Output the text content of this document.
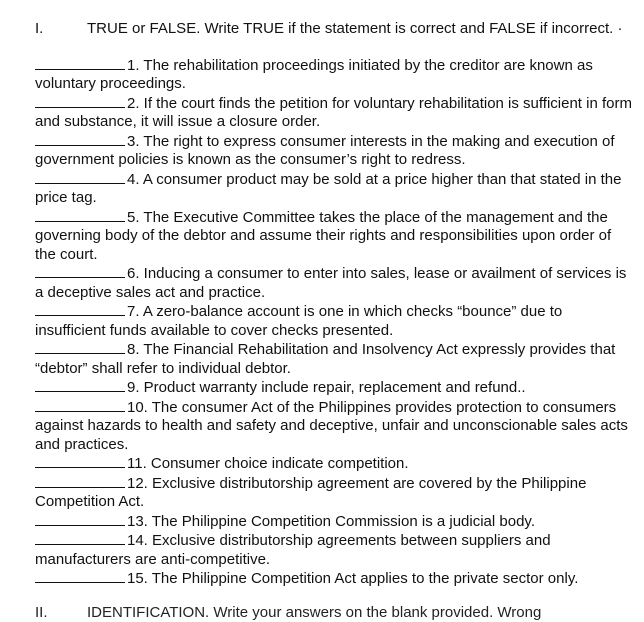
I.	TRUE or FALSE. Write TRUE if the statement is correct and FALSE if incorrect. ·

1. The rehabilitation proceedings initiated by the creditor are known as voluntary proceedings.

2. If the court finds the petition for voluntary rehabilitation is sufficient in form and substance, it will issue a closure order.

3. The right to express consumer interests in the making and execution of government policies is known as the consumer’s right to redress.

4. A consumer product may be sold at a price higher than that stated in the price tag.

5. The Executive Committee takes the place of the management and the governing body of the debtor and assume their rights and responsibilities upon order of the court.

6. Inducing a consumer to enter into sales, lease or availment of services is a deceptive sales act and practice.

7. A zero-balance account is one in which checks “bounce” due to insufficient funds available to cover checks presented.

8. The Financial Rehabilitation and Insolvency Act expressly provides that “debtor” shall refer to individual debtor.

9. Product warranty include repair, replacement and refund..

10. The consumer Act of the Philippines provides protection to consumers against hazards to health and safety and deceptive, unfair and unconscionable sales acts and practices.

11. Consumer choice indicate competition.

12. Exclusive distributorship agreement are covered by the Philippine Competition Act.

13. The Philippine Competition Commission is a judicial body.

14. Exclusive distributorship agreements between suppliers and manufacturers are anti-competitive.

15. The Philippine Competition Act applies to the private sector only.

II.	IDENTIFICATION. Write your answers on the blank provided. Wrong
